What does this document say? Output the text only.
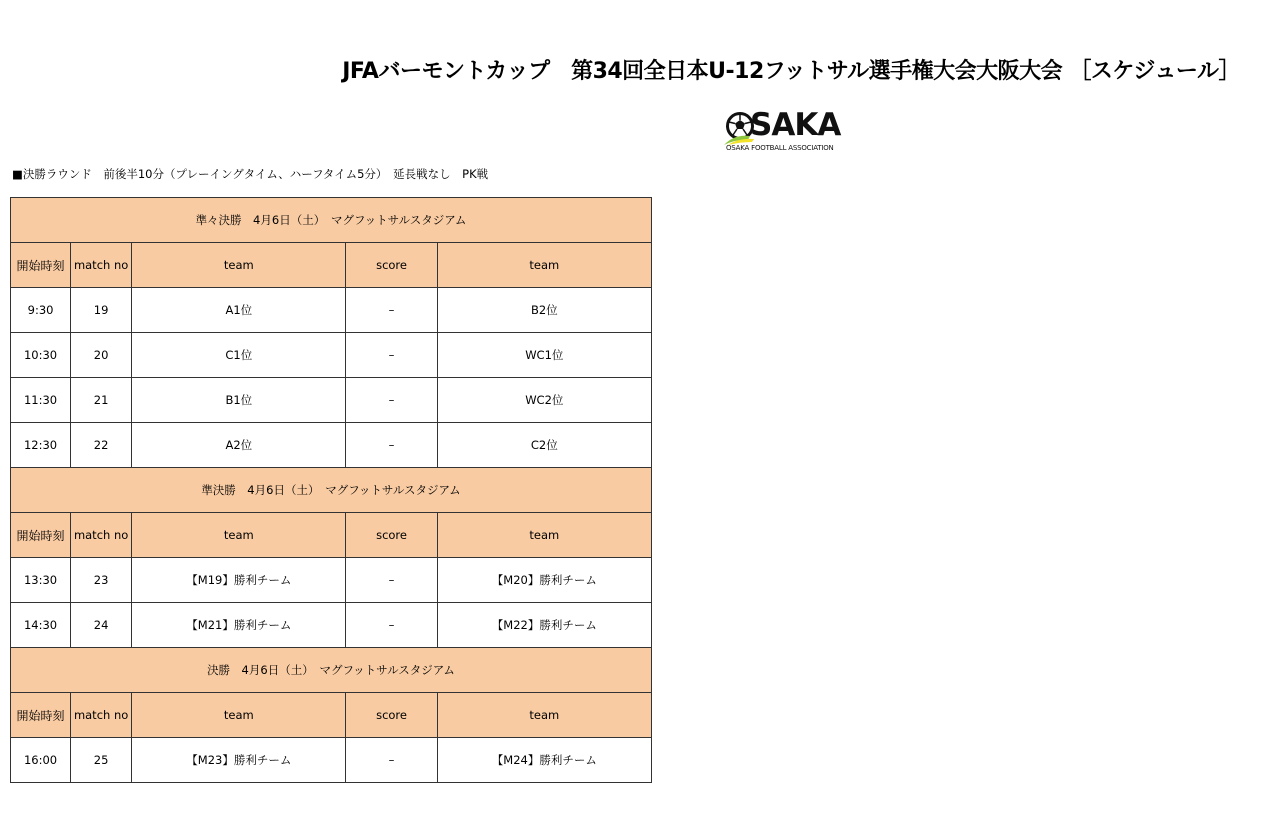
JFAバーモントカップ　第34回全日本U-12フットサル選手権大会大阪大会 ［スケジュール］
SAKA
OSAKA FOOTBALL ASSOCIATION
■決勝ラウンド　前後半10分（プレーイングタイム、ハーフタイム5分）　延長戦なし　PK戦
準々決勝　4月6日（土）　マグフットサルスタジアム				
開始時刻	match no	team	score	team
9:30	19	A1位	–	B2位
10:30	20	C1位	–	WC1位
11:30	21	B1位	–	WC2位
12:30	22	A2位	–	C2位
準決勝　4月6日（土）　マグフットサルスタジアム				
開始時刻	match no	team	score	team
13:30	23	【M19】勝利チーム	–	【M20】勝利チーム
14:30	24	【M21】勝利チーム	–	【M22】勝利チーム
決勝　4月6日（土）　マグフットサルスタジアム				
開始時刻	match no	team	score	team
16:00	25	【M23】勝利チーム	–	【M24】勝利チーム
